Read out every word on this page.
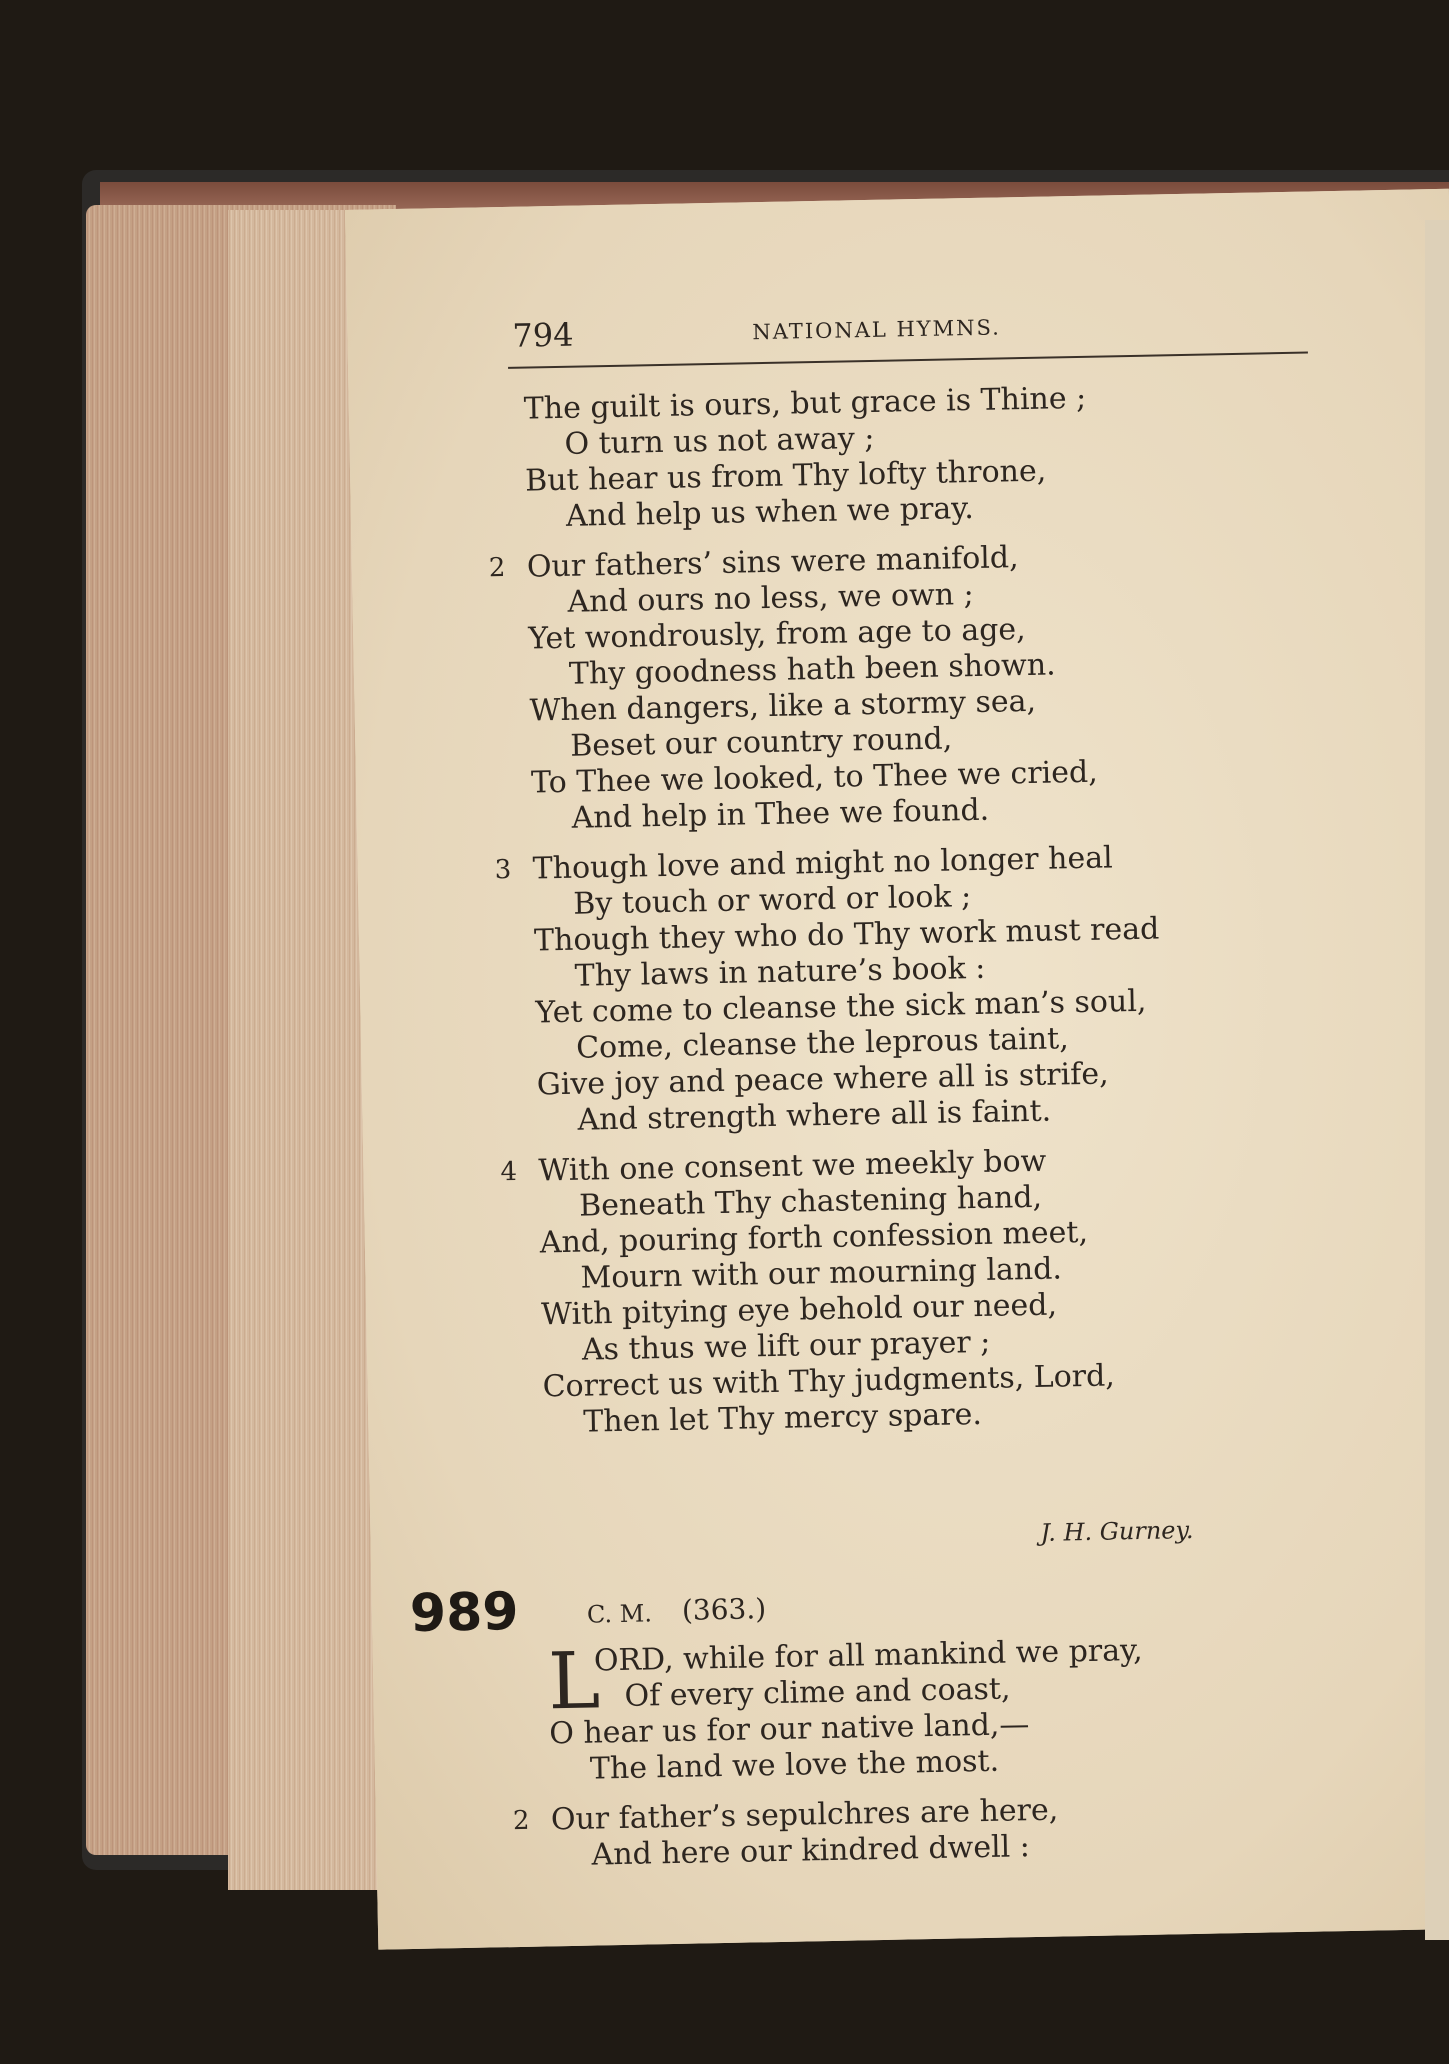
794	NATIONAL HYMNS.
The guilt is ours, but grace is Thine ;
O turn us not away ;
But hear us from Thy lofty throne,
And help us when we pray.
2 Our fathers’ sins were manifold,
And ours no less, we own ;
Yet wondrously, from age to age,
Thy goodness hath been shown.
When dangers, like a stormy sea,
Beset our country round,
To Thee we looked, to Thee we cried,
And help in Thee we found.
3 Though love and might no longer heal
By touch or word or look ;
Though they who do Thy work must read
Thy laws in nature’s book :
Yet come to cleanse the sick man’s soul,
Come, cleanse the leprous taint,
Give joy and peace where all is strife,
And strength where all is faint.
4 With one consent we meekly bow
Beneath Thy chastening hand,
And, pouring forth confession meet,
Mourn with our mourning land.
With pitying eye behold our need,
As thus we lift our prayer ;
Correct us with Thy judgments, Lord,
Then let Thy mercy spare.
J. H. Gurney.
989	C. M. (363.)
L
ORD, while for all mankind we pray,
Of every clime and coast,
O hear us for our native land,—
The land we love the most.
2 Our father’s sepulchres are here,
And here our kindred dwell :
